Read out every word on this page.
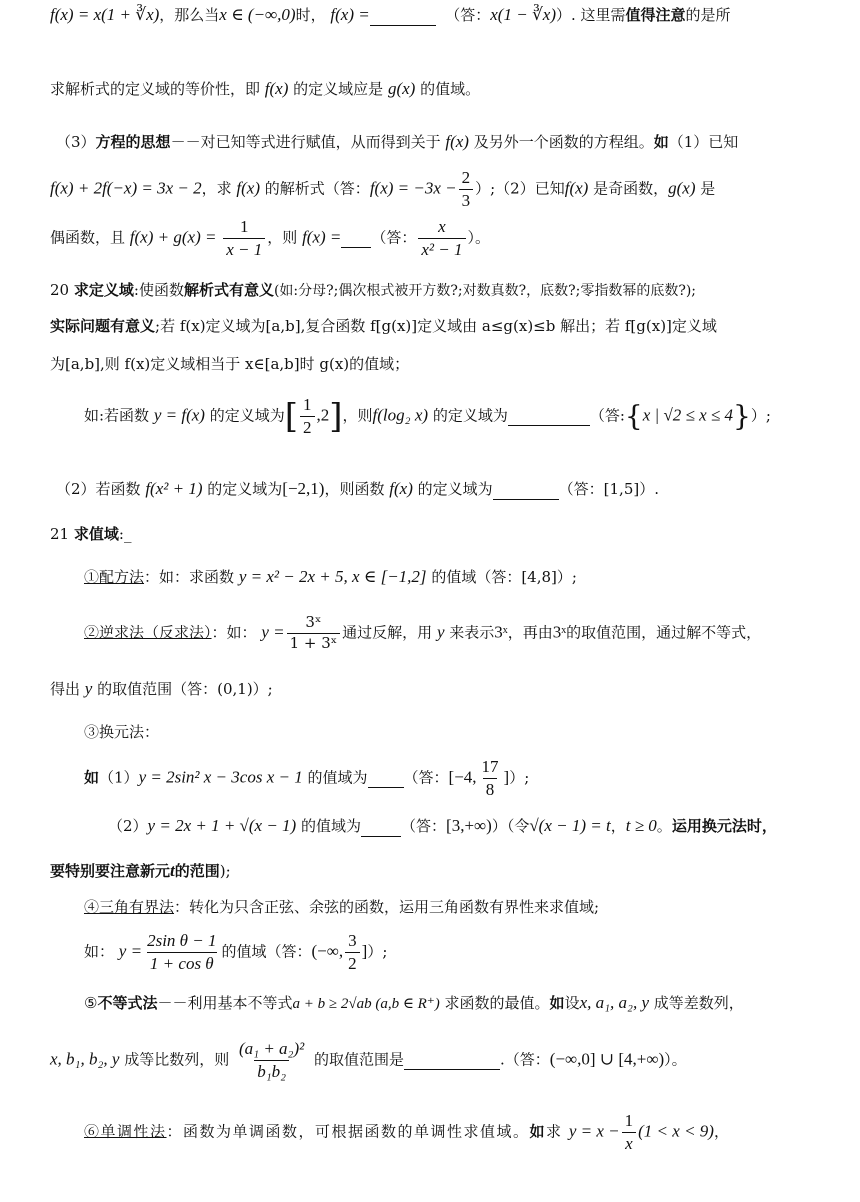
f(x) = x(1 + ∛x)，那么当x ∈ (−∞,0)时， f(x) =	（答：x(1 − ∛x)）. 这里需值得注意的是所
求解析式的定义域的等价性，即 f(x) 的定义域应是 g(x) 的值域。
（3）方程的思想－－对已知等式进行赋值，从而得到关于 f(x) 及另外一个函数的方程组。如（1）已知
f(x) + 2f(−x) = 3x − 2，求 f(x) 的解析式（答：$f(x) = -3x - \frac{2}{3}$ ）;（2）已知f(x) 是奇函数，g(x) 是
偶函数，且 $f(x) + g(x) = \frac{1}{x - 1}$ ，则 f(x) = （答： $\frac{x}{\text{x² − 1}}$ ）。
20 求定义域:使函数解析式有意义(如:分母?;偶次根式被开方数?;对数真数?，底数?;零指数幂的底数?);
实际问题有意义;若 f(x)定义域为[a,b],复合函数 f[g(x)]定义域由 a≤g(x)≤b 解出；若 f[g(x)]定义域
为[a,b],则 f(x)定义域相当于 x∈[a,b]时 g(x)的值域；
如:若函数 y = f(x) 的定义域为[ $\frac{1}{2} ,2$]，则f(log₂ x) 的定义域为	（答:{x | √2 ≤ x ≤ 4}）;
（2）若函数 f(x² + 1) 的定义域为[−2,1)，则函数 f(x) 的定义域为	（答：[1,5]）.
21 求值域:_
①配方法：如：求函数 y = x² − 2x + 5, x ∈ [−1,2] 的值域（答：[4,8]）;
②逆求法（反求法）：如： $y = \frac{\text{3ˣ}}{\text{1 + 3ˣ}}$ 通过反解，用 y 来表示3ˣ，再由3ˣ的取值范围，通过解不等式，
得出 y 的取值范围（答：(0,1)）;
③换元法：
如（1）y = 2sin² x − 3cos x − 1 的值域为 （答：[−4, $\frac{17}{8}$ ]）;
（2）y = 2x + 1 + √(x − 1) 的值域为	（答：[3,+∞)）（令√(x − 1) = t，t ≥ 0。运用换元法时，
要特别要注意新元t的范围);
④三角有界法：转化为只含正弦、余弦的函数，运用三角函数有界性来求值域;
如： $y = \frac{\text{2sin θ − 1}}{\text{1 + cos θ}}$ 的值域（答：(−∞, $\frac{3}{2}$ ]）;
⑤不等式法－－利用基本不等式a + b ≥ 2√ab (a,b ∈ R⁺) 求函数的最值。如设x, a₁, a₂, y 成等差数列，
x, b₁, b₂, y 成等比数列，则 $\frac{\text{(a₁ + a₂)²}}{\text{b₁b₂}}$ 的取值范围是	.（答：(−∞,0] ∪ [4,+∞)）。
⑥单调性法：函数为单调函数，可根据函数的单调性求值域。如求 $y = x - \frac{1}{x} (1 < x < 9)$，
